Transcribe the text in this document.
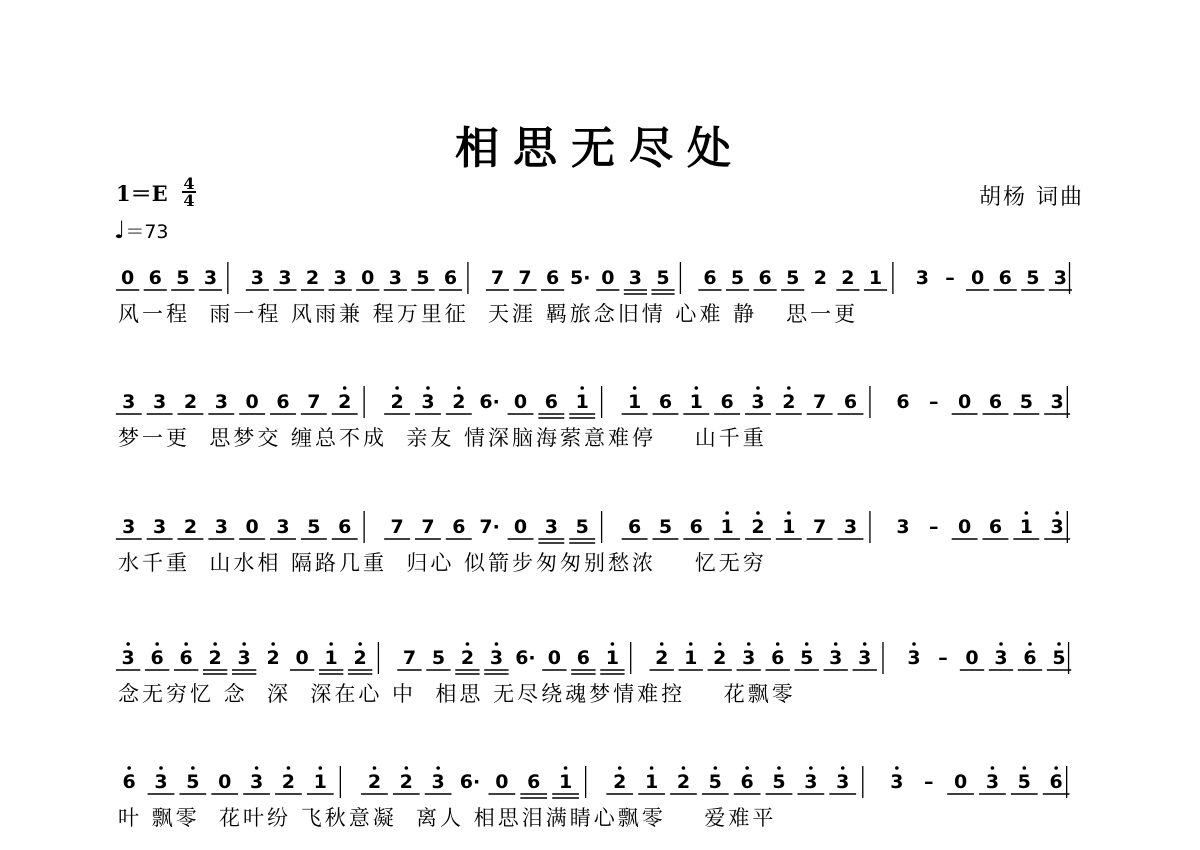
相思无尽处
1＝E 4
4
♩ ＝73
胡杨 词曲
0 6 5 3 3 3 2 3 0 3 5 6 7 7 6 5· 0 3 5 6 5 6 5 2 2 1 3 – 0 6 5 3
风一程  雨一程 风雨兼 程万里征  天涯 羁旅念旧情 心难 静   思一更
3 3 2 3 0 6 7 2 2 3 2 6· 0 6 1 1 6 1 6 3 2 7 6 6 – 0 6 5 3
梦一更  思梦交 缠总不成  亲友 情深脑海萦意难停    山千重
3 3 2 3 0 3 5 6 7 7 6 7· 0 3 5 6 5 6 1 2 1 7 3 3 – 0 6 1 3
水千重  山水相 隔路几重  归心 似箭步匆匆别愁浓    忆无穷
3 6 6 2 3 2 0 1 2 7 5 2 3 6· 0 6 1 2 1 2 3 6 5 3 3 3 – 0 3 6 5
念无穷忆 念  深  深在心 中  相思 无尽绕魂梦情难控    花飘零
6 3 5 0 3 2 1 2 2 3 6· 0 6 1 2 1 2 5 6 5 3 3 3 – 0 3 5 6
叶 飘零  花叶纷 飞秋意凝  离人 相思泪满睛心飘零    爱难平
